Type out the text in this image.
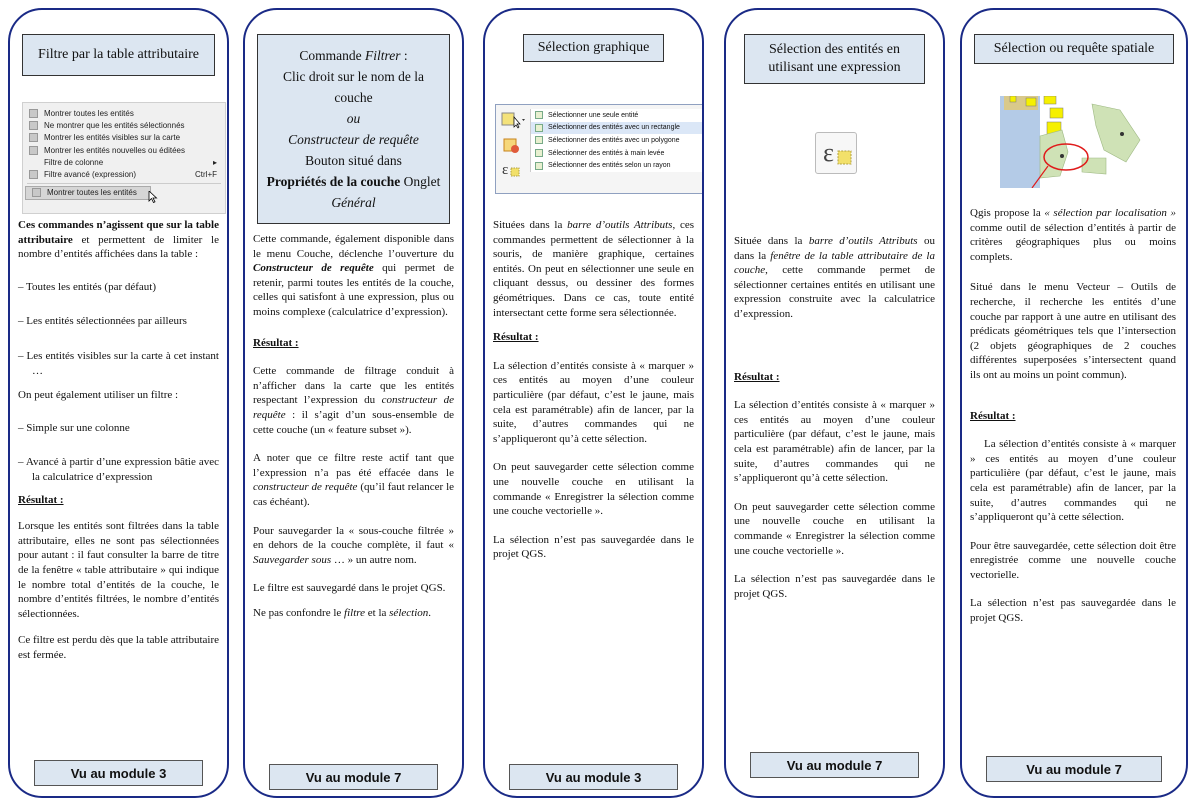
Filtre par la table attributaire
Montrer toutes les entités
Ne montrer que les entités sélectionnés
Montrer les entités visibles sur la carte
Montrer les entités nouvelles ou éditées
Filtre de colonne	▸
Filtre avancé (expression)	Ctrl+F
Montrer toutes les entités

Ces commandes n’agissent que sur la table attributaire et permettent de limiter le nombre d’entités affichées dans la table :

– Toutes les entités (par défaut)

– Les entités sélectionnées par ailleurs

– Les entités visibles sur la carte à cet instant …

On peut également utiliser un filtre :

– Simple sur une colonne

– Avancé à partir d’une expression bâtie avec la calculatrice d’expression

Résultat :

Lorsque les entités sont filtrées dans la table attributaire, elles ne sont pas sélectionnées pour autant : il faut consulter la barre de titre de la fenêtre « table attributaire » qui indique le nombre total d’entités de la couche, le nombre d’entités filtrées, le nombre d’entités sélectionnées.

Ce filtre est perdu dès que la table attributaire est fermée.

Vu au module 3
Commande Filtrer :
Clic droit sur le nom de la couche
ou
Constructeur de requête
Bouton situé dans
Propriétés de la couche Onglet Général

Cette commande, également disponible dans le menu Couche, déclenche l’ouverture du Constructeur de requête qui permet de retenir, parmi toutes les entités de la couche, celles qui satisfont à une expression, plus ou moins complexe (calculatrice d’expression).

Résultat :

Cette commande de filtrage conduit à n’afficher dans la carte que les entités respectant l’expression du constructeur de requête : il s’agit d’un sous-ensemble de cette couche (un « feature subset »).

A noter que ce filtre reste actif tant que l’expression n’a pas été effacée dans le constructeur de requête (qu’il faut relancer le cas échéant).

Pour sauvegarder la « sous-couche filtrée » en dehors de la couche complète, il faut « Sauvegarder sous … » un autre nom.

Le filtre est sauvegardé dans le projet QGS.

Ne pas confondre le filtre et la sélection.

Vu au module 7
Sélection graphique
ε
Sélectionner une seule entité
Sélectionner des entités avec un rectangle
Sélectionner des entités avec un polygone
Sélectionner des entités à main levée
Sélectionner des entités selon un rayon

Situées dans la barre d’outils Attributs, ces commandes permettent de sélectionner à la souris, de manière graphique, certaines entités. On peut en sélectionner une seule en cliquant dessus, ou dessiner des formes géométriques. Dans ce cas, toute entité intersectant cette forme sera sélectionnée.

Résultat :

La sélection d’entités consiste à « marquer » ces entités au moyen d’une couleur particulière (par défaut, c’est le jaune, mais cela est paramétrable) afin de lancer, par la suite, d’autres commandes qui ne s’appliqueront qu’à cette sélection.

On peut sauvegarder cette sélection comme une nouvelle couche en utilisant la commande « Enregistrer la sélection comme une couche vectorielle ».

La sélection n’est pas sauvegardée dans le projet QGS.

Vu au module 3
Sélection des entités en utilisant une expression
ε

Située dans la barre d’outils Attributs ou dans la fenêtre de la table attributaire de la couche, cette commande permet de sélectionner certaines entités en utilisant une expression construite avec la calculatrice d’expression.

Résultat :

La sélection d’entités consiste à « marquer » ces entités au moyen d’une couleur particulière (par défaut, c’est le jaune, mais cela est paramétrable) afin de lancer, par la suite, d’autres commandes qui ne s’appliqueront qu’à cette sélection.

On peut sauvegarder cette sélection comme une nouvelle couche en utilisant la commande « Enregistrer la sélection comme une couche vectorielle ».

La sélection n’est pas sauvegardée dans le projet QGS.

Vu au module 7
Sélection ou requête spatiale

Qgis propose la « sélection par localisation » comme outil de sélection d’entités à partir de critères géographiques plus ou moins complets.

Situé dans le menu Vecteur – Outils de recherche, il recherche les entités d’une couche par rapport à une autre en utilisant des prédicats géométriques tels que l’intersection (2 objets géographiques de 2 couches différentes superposées s’intersectent quand ils ont au moins un point commun).

Résultat :

La sélection d’entités consiste à « marquer » ces entités au moyen d’une couleur particulière (par défaut, c’est le jaune, mais cela est paramétrable) afin de lancer, par la suite, d’autres commandes qui ne s’appliqueront qu’à cette sélection.

Pour être sauvegardée, cette sélection doit être enregistrée comme une nouvelle couche vectorielle.

La sélection n’est pas sauvegardée dans le projet QGS.

Vu au module 7
